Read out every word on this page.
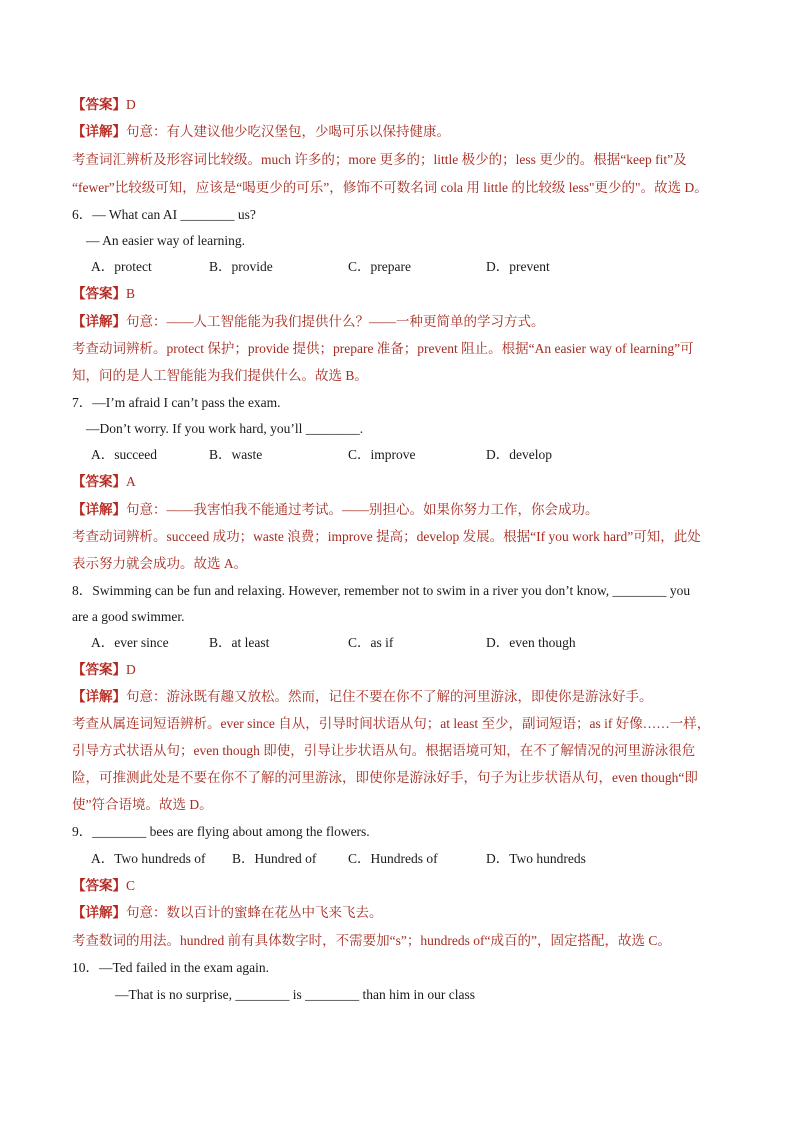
【答案】D
【详解】句意：有人建议他少吃汉堡包，少喝可乐以保持健康。
考查词汇辨析及形容词比较级。much 许多的；more 更多的；little 极少的；less 更少的。根据“keep fit”及
“fewer”比较级可知，应该是“喝更少的可乐”，修饰不可数名词 cola 用 little 的比较级 less"更少的"。故选 D。
6．— What can AI ________ us?
— An easier way of learning.
A．protect	B．provide	C．prepare	D．prevent
【答案】B
【详解】句意：——人工智能能为我们提供什么？——一种更简单的学习方式。
考查动词辨析。protect 保护；provide 提供；prepare 准备；prevent 阻止。根据“An easier way of learning”可
知，问的是人工智能能为我们提供什么。故选 B。
7．—I’m afraid I can’t pass the exam.
—Don’t worry. If you work hard, you’ll ________.
A．succeed	B．waste	C．improve	D．develop
【答案】A
【详解】句意：——我害怕我不能通过考试。——别担心。如果你努力工作，你会成功。
考查动词辨析。succeed 成功；waste 浪费；improve 提高；develop 发展。根据“If you work hard”可知，此处
表示努力就会成功。故选 A。
8．Swimming can be fun and relaxing. However, remember not to swim in a river you don’t know, ________ you
are a good swimmer.
A．ever since	B．at least	C．as if	D．even though
【答案】D
【详解】句意：游泳既有趣又放松。然而，记住不要在你不了解的河里游泳，即使你是游泳好手。
考查从属连词短语辨析。ever since 自从，引导时间状语从句；at least 至少，副词短语；as if 好像……一样，
引导方式状语从句；even though 即使，引导让步状语从句。根据语境可知，在不了解情况的河里游泳很危
险，可推测此处是不要在你不了解的河里游泳，即使你是游泳好手，句子为让步状语从句，even though“即
使”符合语境。故选 D。
9．________ bees are flying about among the flowers.
A．Two hundreds of B．Hundred of C．Hundreds of	D．Two hundreds
【答案】C
【详解】句意：数以百计的蜜蜂在花丛中飞来飞去。
考查数词的用法。hundred 前有具体数字时，不需要加“s”；hundreds of“成百的”，固定搭配，故选 C。
10．—Ted failed in the exam again.
—That is no surprise, ________ is ________ than him in our class
